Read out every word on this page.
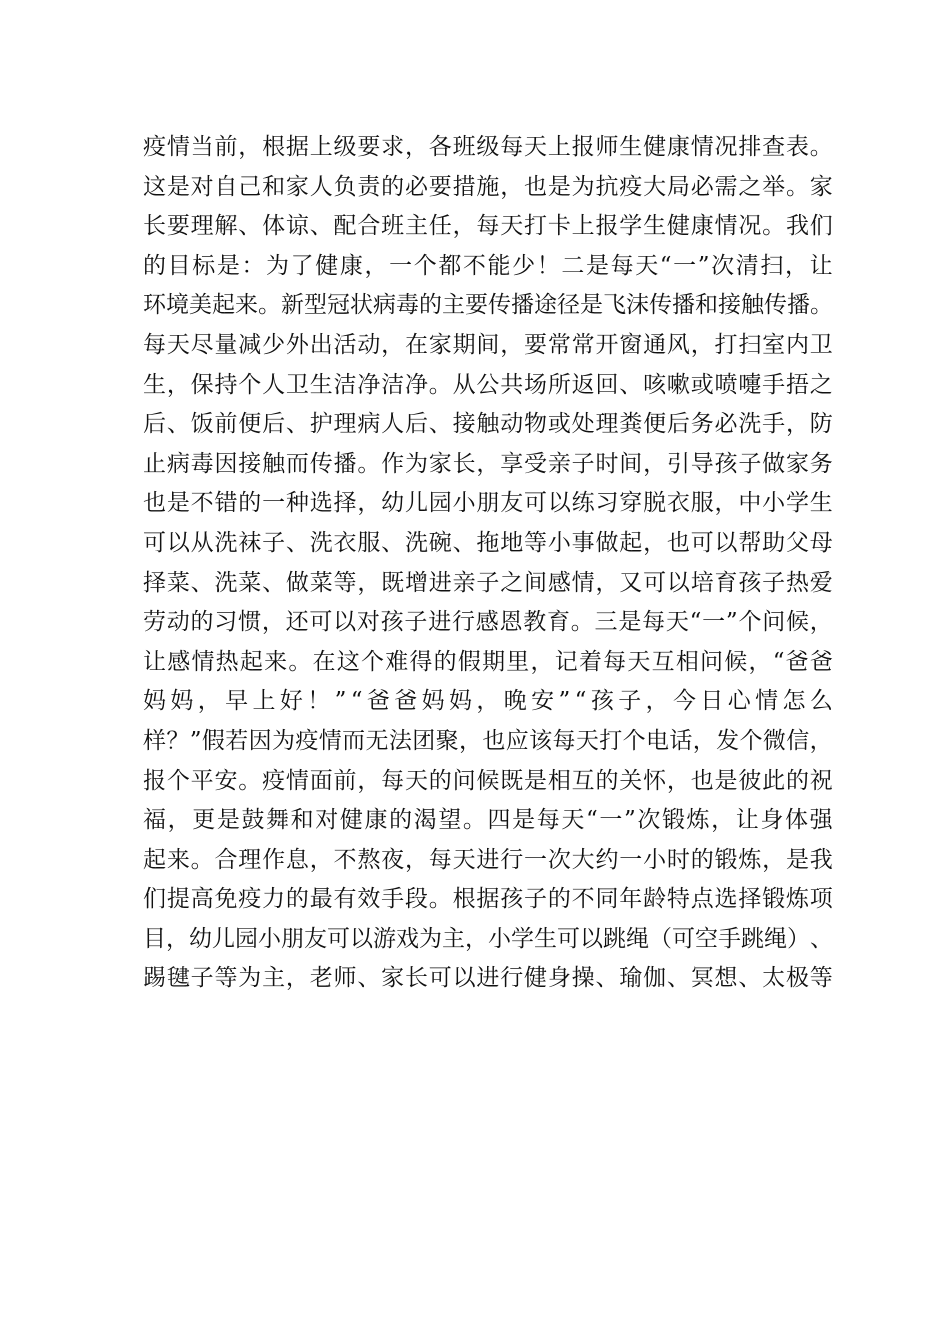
疫 情 当 前 ， 根 据 上 级 要 求 ， 各 班 级 每 天 上 报 师 生 健 康 情 况 排 查 表 。
这 是 对 自 己 和 家 人 负 责 的 必 要 措 施 ， 也 是 为 抗 疫 大 局 必 需 之 举 。 家
长 要 理 解 、 体 谅 、 配 合 班 主 任 ， 每 天 打 卡 上 报 学 生 健 康 情 况 。 我 们
的 目 标 是 ： 为 了 健 康 ， 一 个 都 不 能 少 ！ 二 是 每 天 “ 一 ” 次 清 扫 ， 让
环 境 美 起 来 。 新 型 冠 状 病 毒 的 主 要 传 播 途 径 是 飞 沫 传 播 和 接 触 传 播 。
每 天 尽 量 减 少 外 出 活 动 ， 在 家 期 间 ， 要 常 常 开 窗 通 风 ， 打 扫 室 内 卫
生 ， 保 持 个 人 卫 生 洁 净 洁 净 。 从 公 共 场 所 返 回 、 咳 嗽 或 喷 嚏 手 捂 之
后 、 饭 前 便 后 、 护 理 病 人 后 、 接 触 动 物 或 处 理 粪 便 后 务 必 洗 手 ， 防
止 病 毒 因 接 触 而 传 播 。 作 为 家 长 ， 享 受 亲 子 时 间 ， 引 导 孩 子 做 家 务
也 是 不 错 的 一 种 选 择 ， 幼 儿 园 小 朋 友 可 以 练 习 穿 脱 衣 服 ， 中 小 学 生
可 以 从 洗 袜 子 、 洗 衣 服 、 洗 碗 、 拖 地 等 小 事 做 起 ， 也 可 以 帮 助 父 母
择 菜 、 洗 菜 、 做 菜 等 ， 既 增 进 亲 子 之 间 感 情 ， 又 可 以 培 育 孩 子 热 爱
劳 动 的 习 惯 ， 还 可 以 对 孩 子 进 行 感 恩 教 育 。 三 是 每 天 “ 一 ” 个 问 候 ，
让 感 情 热 起 来 。 在 这 个 难 得 的 假 期 里 ， 记 着 每 天 互 相 问 候 ， “ 爸 爸
妈 妈 ， 早 上 好 ！ ” “ 爸 爸 妈 妈 ， 晚 安 ” “ 孩 子 ， 今 日 心 情 怎 么
样 ？ ” 假 若 因 为 疫 情 而 无 法 团 聚 ， 也 应 该 每 天 打 个 电 话 ， 发 个 微 信 ，
报 个 平 安 。 疫 情 面 前 ， 每 天 的 问 候 既 是 相 互 的 关 怀 ， 也 是 彼 此 的 祝
福 ， 更 是 鼓 舞 和 对 健 康 的 渴 望 。 四 是 每 天 “ 一 ” 次 锻 炼 ， 让 身 体 强
起 来 。 合 理 作 息 ， 不 熬 夜 ， 每 天 进 行 一 次 大 约 一 小 时 的 锻 炼 ， 是 我
们 提 高 免 疫 力 的 最 有 效 手 段 。 根 据 孩 子 的 不 同 年 龄 特 点 选 择 锻 炼 项
目 ， 幼 儿 园 小 朋 友 可 以 游 戏 为 主 ， 小 学 生 可 以 跳 绳 （ 可 空 手 跳 绳 ） 、
踢 毽 子 等 为 主 ， 老 师 、 家 长 可 以 进 行 健 身 操 、 瑜 伽 、 冥 想 、 太 极 等
